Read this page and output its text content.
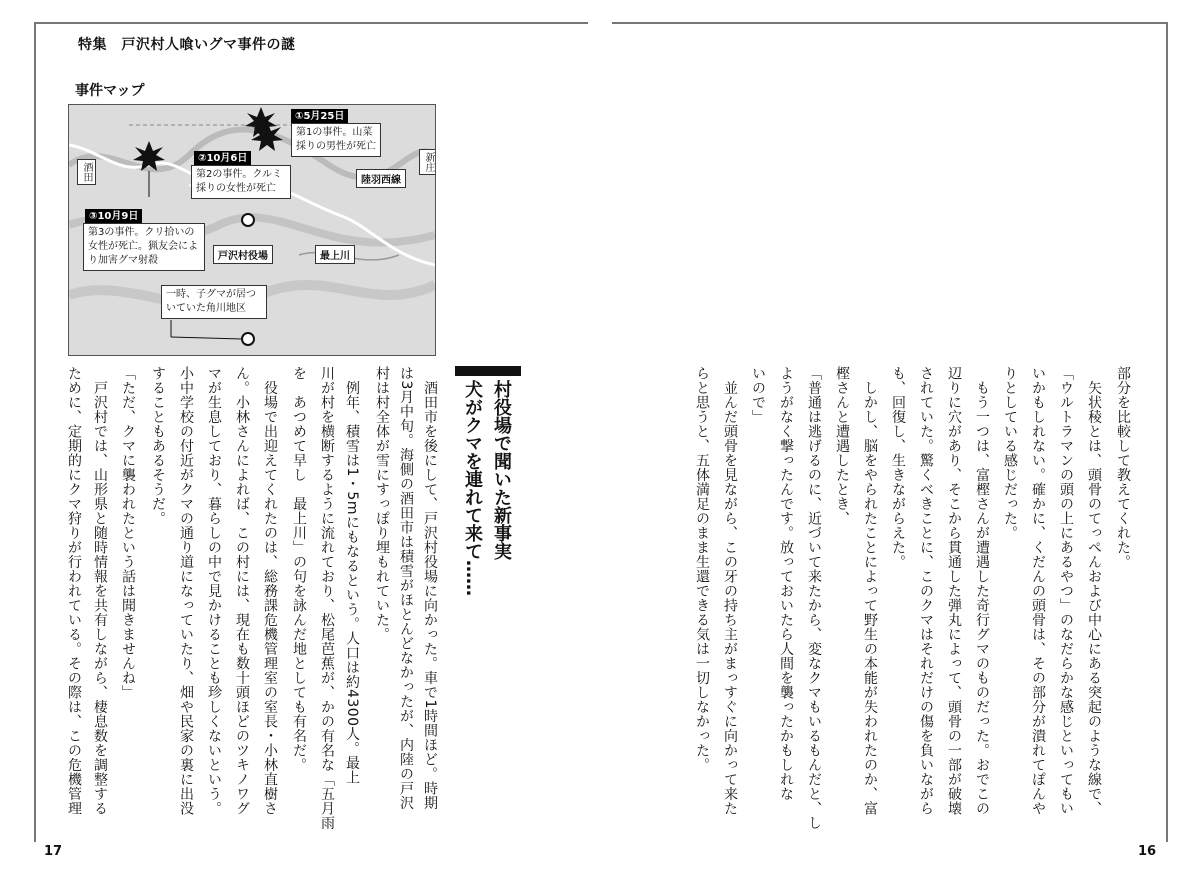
特集　戸沢村人喰いグマ事件の謎
事件マップ
酒田	新庄
①5月25日
第1の事件。山菜採りの男性が死亡
②10月6日
第2の事件。クルミ採りの女性が死亡
陸羽西線
③10月9日
第3の事件。クリ拾いの女性が死亡。猟友会により加害グマ射殺	戸沢村役場	最上川
一時、子グマが居ついていた角川地区
村役場で聞いた新事実
犬がクマを連れて来て……
　酒田市を後にして、戸沢村役場に向かった。車で1時間ほど。時期
は3月中旬。海側の酒田市は積雪がほとんどなかったが、内陸の戸沢
村は村全体が雪にすっぽり埋もれていた。
　例年、積雪は1・5mにもなるという。人口は約4300人。最上
川が村を横断するように流れており、松尾芭蕉が、かの有名な「五月雨
を　あつめて早し　最上川」の句を詠んだ地としても有名だ。
　役場で出迎えてくれたのは、総務課危機管理室の室長・小林直樹さ
ん。小林さんによれば、この村には、現在も数十頭ほどのツキノワグ
マが生息しており、暮らしの中で見かけることも珍しくないという。
小中学校の付近がクマの通り道になっていたり、畑や民家の裏に出没
することもあるそうだ。
「ただ、クマに襲われたという話は聞きませんね」
　戸沢村では、山形県と随時情報を共有しながら、棲息数を調整する
ために、定期的にクマ狩りが行われている。その際は、この危機管理	部分を比較して教えてくれた。
　矢状稜とは、頭骨のてっぺんおよび中心にある突起のような線で、
「ウルトラマンの頭の上にあるやつ」のなだらかな感じといってもい
いかもしれない。確かに、くだんの頭骨は、その部分が潰れてぽんや
りとしている感じだった。
　もう一つは、富樫さんが遭遇した奇行グマのものだった。おでこの
辺りに穴があり、そこから貫通した弾丸によって、頭骨の一部が破壊
されていた。驚くべきことに、このクマはそれだけの傷を負いながら
も、回復し、生きながらえた。
　しかし、脳をやられたことによって野生の本能が失われたのか、富
樫さんと遭遇したとき、
「普通は逃げるのに、近づいて来たから、変なクマもいるもんだと、し
ようがなく撃ったんです。放っておいたら人間を襲ったかもしれな
いので」
　並んだ頭骨を見ながら、この牙の持ち主がまっすぐに向かって来た
らと思うと、五体満足のまま生還できる気は一切しなかった。
17	16
